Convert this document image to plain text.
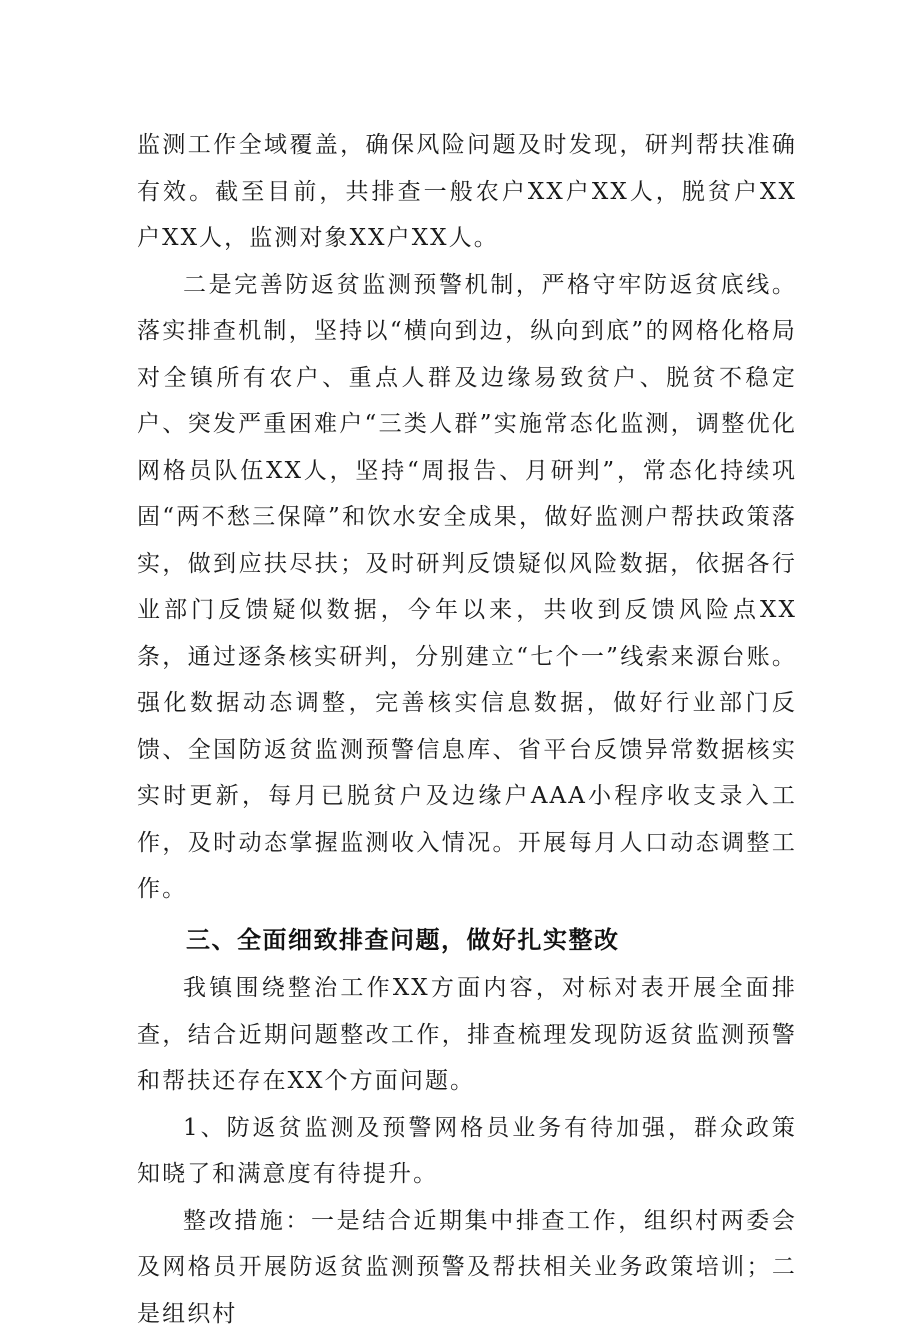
监测工作全域覆盖，确保风险问题及时发现，研判帮扶准确有效。截至目前，共排查一般农户XX户XX人，脱贫户XX户XX人，监测对象XX户XX人。

二是完善防返贫监测预警机制，严格守牢防返贫底线。落实排查机制，坚持以“横向到边，纵向到底”的网格化格局对全镇所有农户、重点人群及边缘易致贫户、脱贫不稳定户、突发严重困难户“三类人群”实施常态化监测，调整优化网格员队伍XX人，坚持“周报告、月研判”，常态化持续巩固“两不愁三保障”和饮水安全成果，做好监测户帮扶政策落实，做到应扶尽扶；及时研判反馈疑似风险数据，依据各行业部门反馈疑似数据，今年以来，共收到反馈风险点XX条，通过逐条核实研判，分别建立“七个一”线索来源台账。强化数据动态调整，完善核实信息数据，做好行业部门反馈、全国防返贫监测预警信息库、省平台反馈异常数据核实实时更新，每月已脱贫户及边缘户AAA小程序收支录入工作，及时动态掌握监测收入情况。开展每月人口动态调整工作。

三、全面细致排查问题，做好扎实整改

我镇围绕整治工作XX方面内容，对标对表开展全面排查，结合近期问题整改工作，排查梳理发现防返贫监测预警和帮扶还存在XX个方面问题。

1、防返贫监测及预警网格员业务有待加强，群众政策知晓了和满意度有待提升。

整改措施：一是结合近期集中排查工作，组织村两委会及网格员开展防返贫监测预警及帮扶相关业务政策培训；二是组织村
